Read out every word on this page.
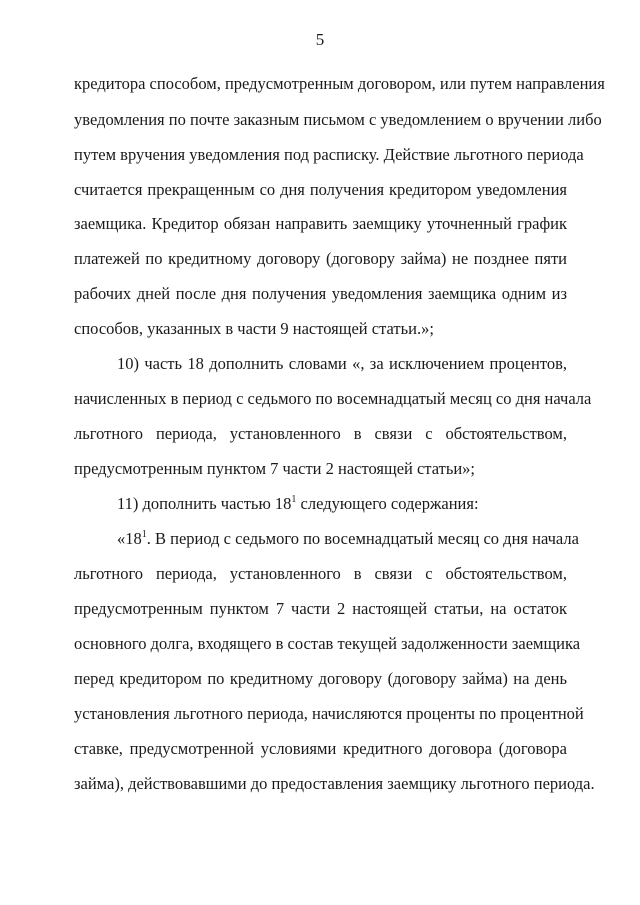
5
кредитора способом, предусмотренным договором, или путем направления
уведомления по почте заказным письмом с уведомлением о вручении либо
путем вручения уведомления под расписку. Действие льготного периода
считается прекращенным со дня получения кредитором уведомления
заемщика. Кредитор обязан направить заемщику уточненный график
платежей по кредитному договору (договору займа) не позднее пяти
рабочих дней после дня получения уведомления заемщика одним из
способов, указанных в части 9 настоящей статьи.»;
10) часть 18 дополнить словами «, за исключением процентов,
начисленных в период с седьмого по восемнадцатый месяц со дня начала
льготного периода, установленного в связи с обстоятельством,
предусмотренным пунктом 7 части 2 настоящей статьи»;
11) дополнить частью $18^1$ следующего содержания:
«$18^1$. В период с седьмого по восемнадцатый месяц со дня начала
льготного периода, установленного в связи с обстоятельством,
предусмотренным пунктом 7 части 2 настоящей статьи, на остаток
основного долга, входящего в состав текущей задолженности заемщика
перед кредитором по кредитному договору (договору займа) на день
установления льготного периода, начисляются проценты по процентной
ставке, предусмотренной условиями кредитного договора (договора
займа), действовавшими до предоставления заемщику льготного периода.
